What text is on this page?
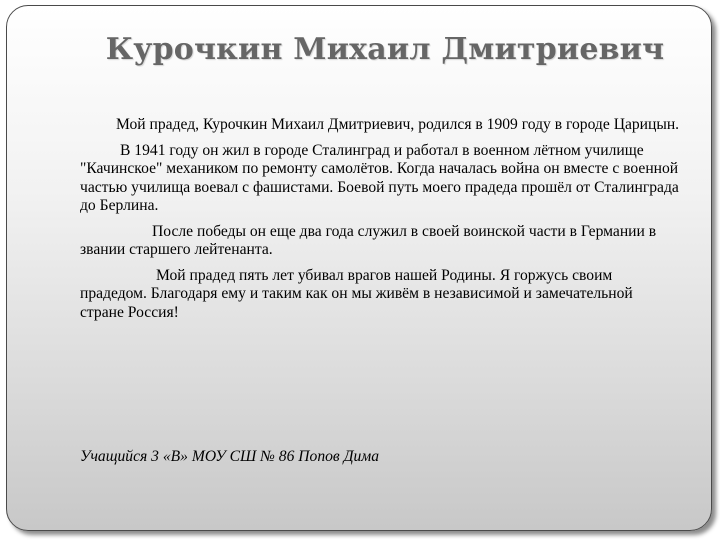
Курочкин Михаил Дмитриевич

Мой прадед, Курочкин Михаил Дмитриевич, родился в 1909 году в городе Царицын.

В 1941 году он жил в городе Сталинград и работал в военном лётном училище "Качинское" механиком по ремонту самолётов. Когда началась война он вместе с военной частью училища воевал с фашистами. Боевой путь моего прадеда прошёл от Сталинграда до Берлина.

После победы он еще два года служил в своей воинской части в Германии в звании старшего лейтенанта.

Мой прадед пять лет убивал врагов нашей Родины. Я горжусь своим прадедом. Благодаря ему и таким как он мы живём в независимой и замечательной стране Россия!

Учащийся 3 «В» МОУ СШ № 86 Попов Дима
